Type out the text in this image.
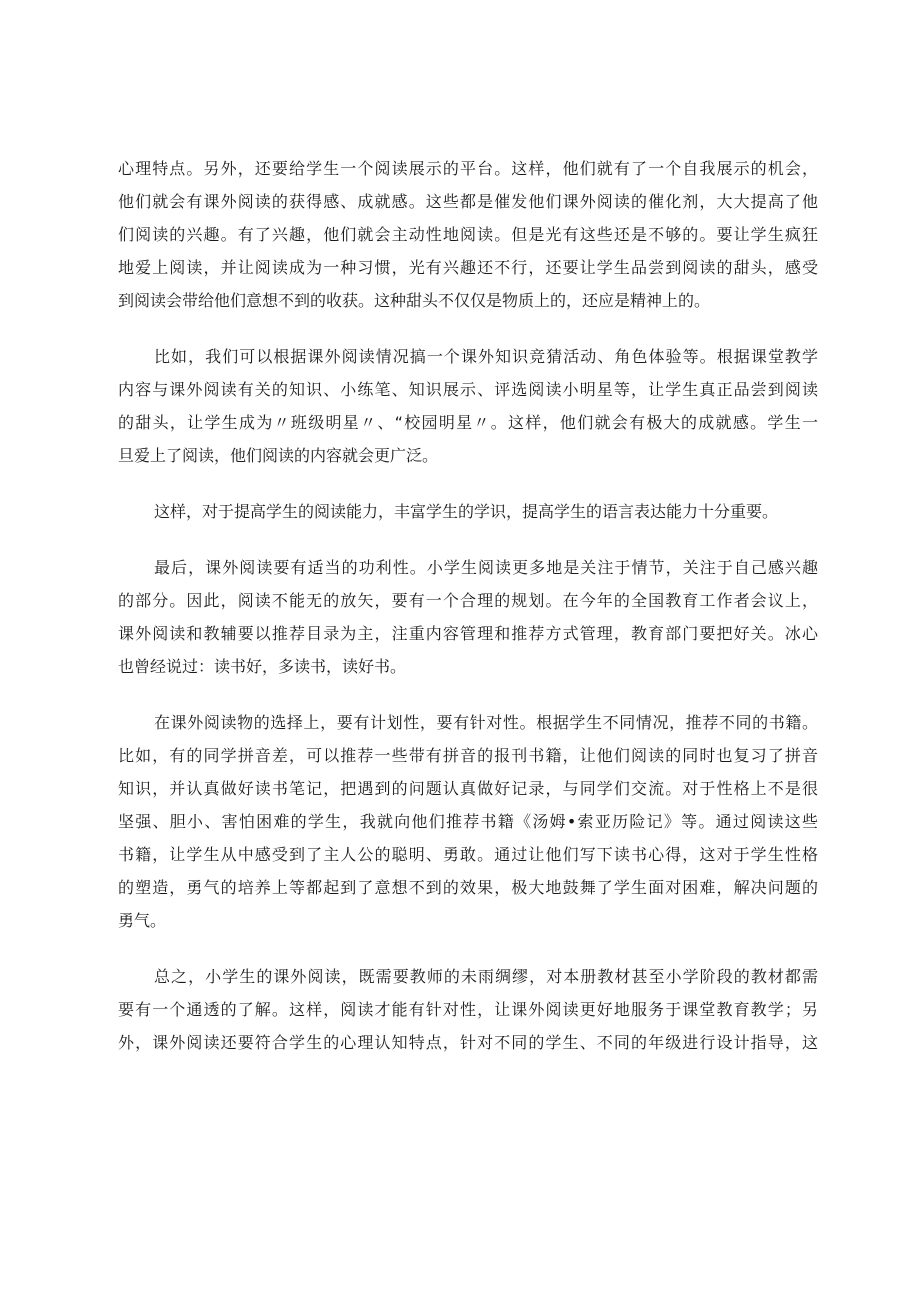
心理特点。另外，还要给学生一个阅读展示的平台。这样，他们就有了一个自我展示的机会，
他们就会有课外阅读的获得感、成就感。这些都是催发他们课外阅读的催化剂，大大提高了他
们阅读的兴趣。有了兴趣，他们就会主动性地阅读。但是光有这些还是不够的。要让学生疯狂
地爱上阅读，并让阅读成为一种习惯，光有兴趣还不行，还要让学生品尝到阅读的甜头，感受
到阅读会带给他们意想不到的收获。这种甜头不仅仅是物质上的，还应是精神上的。
比如，我们可以根据课外阅读情况搞一个课外知识竞猜活动、角色体验等。根据课堂教学
内容与课外阅读有关的知识、小练笔、知识展示、评选阅读小明星等，让学生真正品尝到阅读
的甜头，让学生成为〃班级明星〃、“校园明星〃。这样，他们就会有极大的成就感。学生一
旦爱上了阅读，他们阅读的内容就会更广泛。
这样，对于提高学生的阅读能力，丰富学生的学识，提高学生的语言表达能力十分重要。
最后，课外阅读要有适当的功利性。小学生阅读更多地是关注于情节，关注于自己感兴趣
的部分。因此，阅读不能无的放矢，要有一个合理的规划。在今年的全国教育工作者会议上，
课外阅读和教辅要以推荐目录为主，注重内容管理和推荐方式管理，教育部门要把好关。冰心
也曾经说过：读书好，多读书，读好书。
在课外阅读物的选择上，要有计划性，要有针对性。根据学生不同情况，推荐不同的书籍。
比如，有的同学拼音差，可以推荐一些带有拼音的报刊书籍，让他们阅读的同时也复习了拼音
知识，并认真做好读书笔记，把遇到的问题认真做好记录，与同学们交流。对于性格上不是很
坚强、胆小、害怕困难的学生，我就向他们推荐书籍《汤姆•索亚历险记》等。通过阅读这些
书籍，让学生从中感受到了主人公的聪明、勇敢。通过让他们写下读书心得，这对于学生性格
的塑造，勇气的培养上等都起到了意想不到的效果，极大地鼓舞了学生面对困难，解决问题的
勇气。
总之，小学生的课外阅读，既需要教师的未雨绸缪，对本册教材甚至小学阶段的教材都需
要有一个通透的了解。这样，阅读才能有针对性，让课外阅读更好地服务于课堂教育教学；另
外，课外阅读还要符合学生的心理认知特点，针对不同的学生、不同的年级进行设计指导，这
